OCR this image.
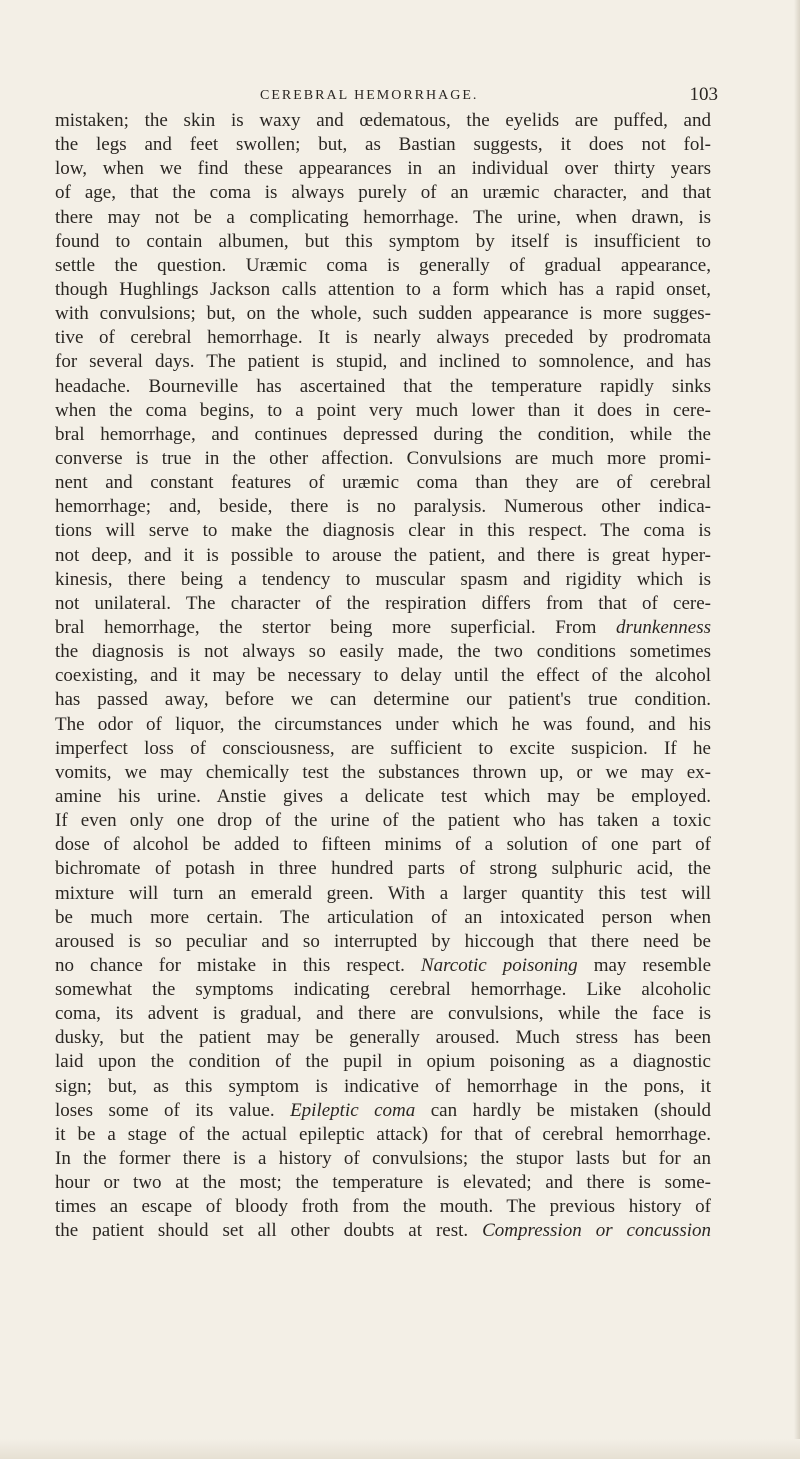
CEREBRAL HEMORRHAGE.	103
mistaken; the skin is waxy and œdematous, the eyelids are puffed, and
the legs and feet swollen; but, as Bastian suggests, it does not fol-
low, when we find these appearances in an individual over thirty years
of age, that the coma is always purely of an uræmic character, and that
there may not be a complicating hemorrhage. The urine, when drawn, is
found to contain albumen, but this symptom by itself is insufficient to
settle the question. Uræmic coma is generally of gradual appearance,
though Hughlings Jackson calls attention to a form which has a rapid onset,
with convulsions; but, on the whole, such sudden appearance is more sugges-
tive of cerebral hemorrhage. It is nearly always preceded by prodromata
for several days. The patient is stupid, and inclined to somnolence, and has
headache. Bourneville has ascertained that the temperature rapidly sinks
when the coma begins, to a point very much lower than it does in cere-
bral hemorrhage, and continues depressed during the condition, while the
converse is true in the other affection. Convulsions are much more promi-
nent and constant features of uræmic coma than they are of cerebral
hemorrhage; and, beside, there is no paralysis. Numerous other indica-
tions will serve to make the diagnosis clear in this respect. The coma is
not deep, and it is possible to arouse the patient, and there is great hyper-
kinesis, there being a tendency to muscular spasm and rigidity which is
not unilateral. The character of the respiration differs from that of cere-
bral hemorrhage, the stertor being more superficial. From drunkenness
the diagnosis is not always so easily made, the two conditions sometimes
coexisting, and it may be necessary to delay until the effect of the alcohol
has passed away, before we can determine our patient's true condition.
The odor of liquor, the circumstances under which he was found, and his
imperfect loss of consciousness, are sufficient to excite suspicion. If he
vomits, we may chemically test the substances thrown up, or we may ex-
amine his urine. Anstie gives a delicate test which may be employed.
If even only one drop of the urine of the patient who has taken a toxic
dose of alcohol be added to fifteen minims of a solution of one part of
bichromate of potash in three hundred parts of strong sulphuric acid, the
mixture will turn an emerald green. With a larger quantity this test will
be much more certain. The articulation of an intoxicated person when
aroused is so peculiar and so interrupted by hiccough that there need be
no chance for mistake in this respect. Narcotic poisoning may resemble
somewhat the symptoms indicating cerebral hemorrhage. Like alcoholic
coma, its advent is gradual, and there are convulsions, while the face is
dusky, but the patient may be generally aroused. Much stress has been
laid upon the condition of the pupil in opium poisoning as a diagnostic
sign; but, as this symptom is indicative of hemorrhage in the pons, it
loses some of its value. Epileptic coma can hardly be mistaken (should
it be a stage of the actual epileptic attack) for that of cerebral hemorrhage.
In the former there is a history of convulsions; the stupor lasts but for an
hour or two at the most; the temperature is elevated; and there is some-
times an escape of bloody froth from the mouth. The previous history of
the patient should set all other doubts at rest. Compression or concussion
